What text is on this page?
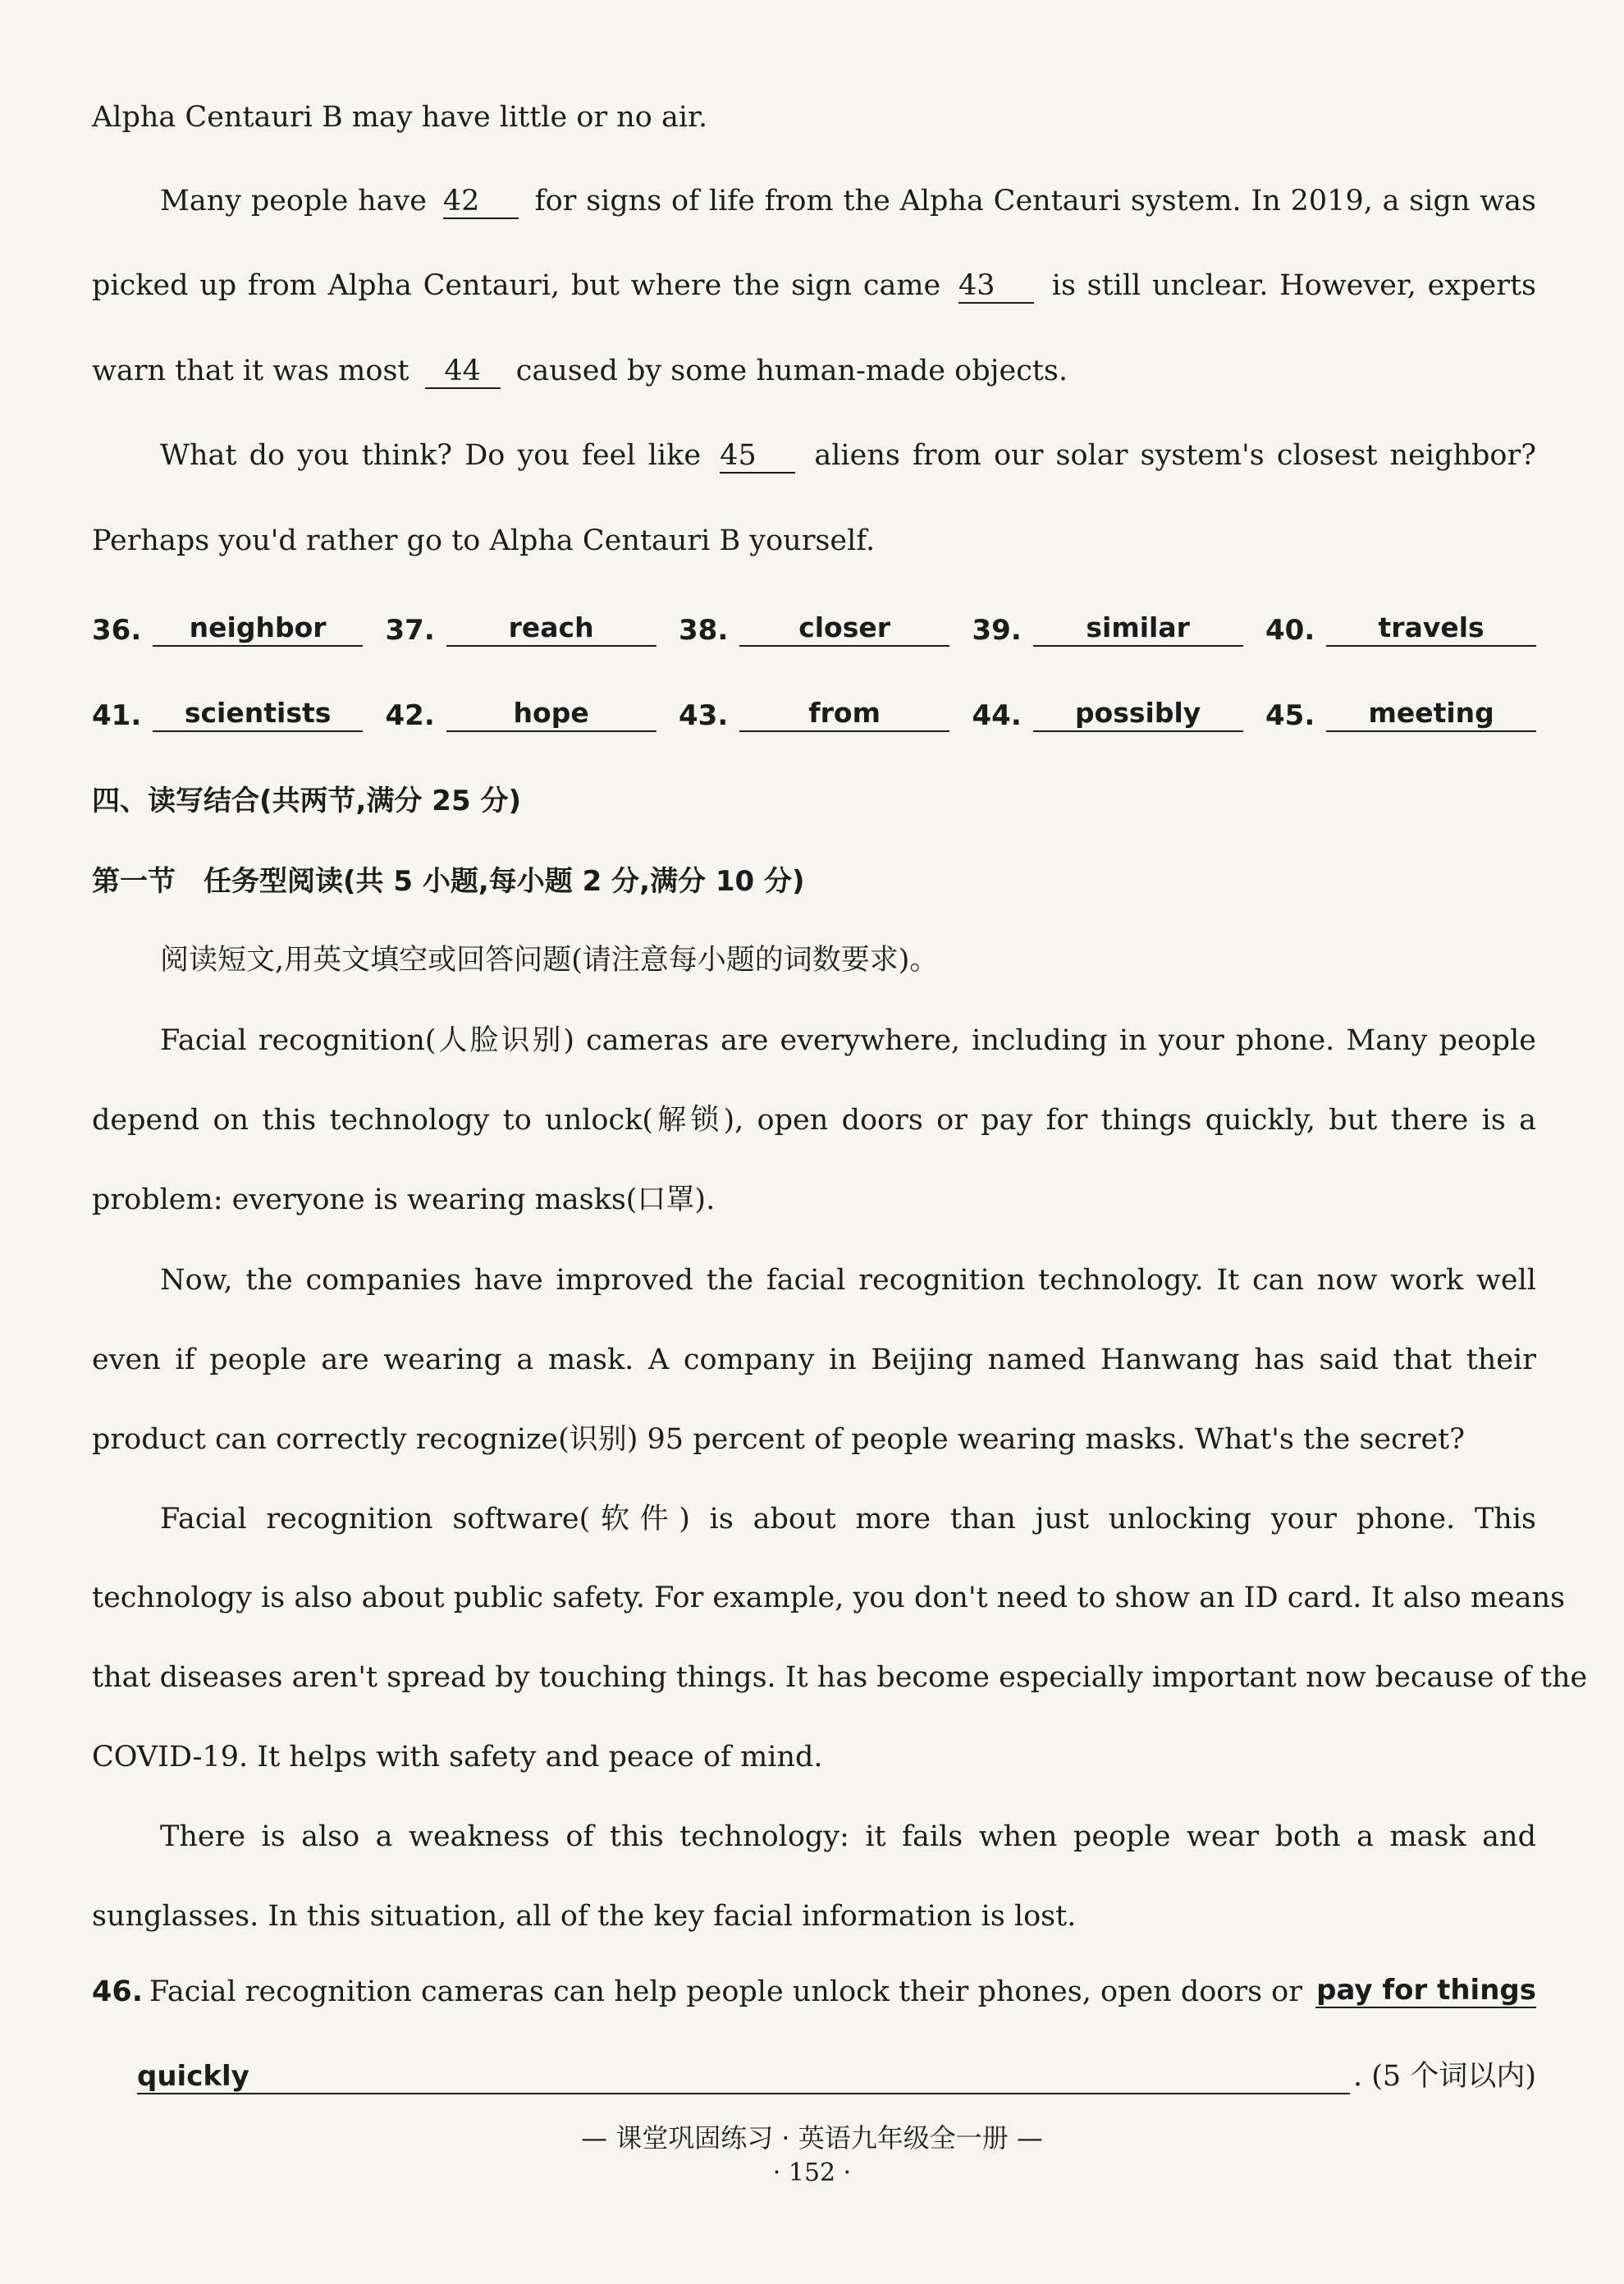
Alpha Centauri B may have little or no air.
Many people have 42 for signs of life from the Alpha Centauri system. In 2019, a sign was
picked up from Alpha Centauri, but where the sign came 43 is still unclear. However, experts
warn that it was most 44 caused by some human-made objects.
What do you think? Do you feel like 45 aliens from our solar system's closest neighbor?
Perhaps you'd rather go to Alpha Centauri B yourself.
36.	neighbor	37.	reach	38.	closer	39.	similar	40.	travels
41.	scientists	42.	hope	43.	from	44.	possibly	45.	meeting
四、读写结合(共两节,满分 25 分)
第一节　任务型阅读(共 5 小题,每小题 2 分,满分 10 分)
阅读短文,用英文填空或回答问题(请注意每小题的词数要求)。
Facial recognition(人脸识别) cameras are everywhere, including in your phone. Many people
depend on this technology to unlock(解锁), open doors or pay for things quickly, but there is a
problem: everyone is wearing masks(口罩).
Now, the companies have improved the facial recognition technology. It can now work well
even if people are wearing a mask. A company in Beijing named Hanwang has said that their
product can correctly recognize(识别) 95 percent of people wearing masks. What's the secret?
Facial recognition software(软件) is about more than just unlocking your phone. This
technology is also about public safety. For example, you don't need to show an ID card. It also means
that diseases aren't spread by touching things. It has become especially important now because of the
COVID-19. It helps with safety and peace of mind.
There is also a weakness of this technology: it fails when people wear both a mask and
sunglasses. In this situation, all of the key facial information is lost.
46. Facial recognition cameras can help people unlock their phones, open doors or pay for things
quickly	. (5 个词以内)
— 课堂巩固练习 · 英语九年级全一册 —
· 152 ·
